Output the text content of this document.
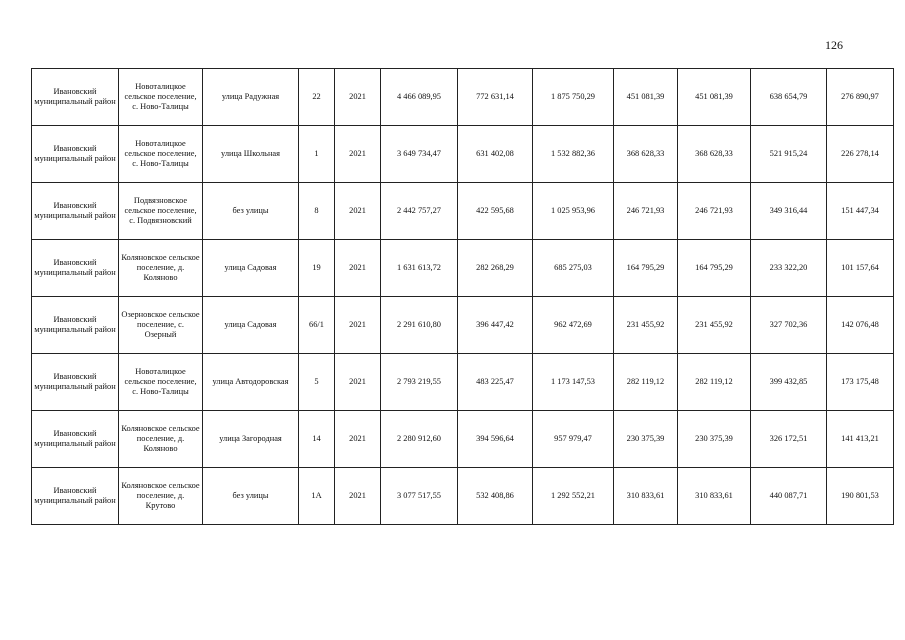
126
Ивановский муниципальный район	Новоталицкое сельское поселение, с. Ново-Талицы	улица Радужная	22	2021	4 466 089,95	772 631,14	1 875 750,29	451 081,39	451 081,39	638 654,79	276 890,97
Ивановский муниципальный район	Новоталицкое сельское поселение, с. Ново-Талицы	улица Школьная	1	2021	3 649 734,47	631 402,08	1 532 882,36	368 628,33	368 628,33	521 915,24	226 278,14
Ивановский муниципальный район	Подвязновское сельское поселение, с. Подвязновский	без улицы	8	2021	2 442 757,27	422 595,68	1 025 953,96	246 721,93	246 721,93	349 316,44	151 447,34
Ивановский муниципальный район	Коляновское сельское поселение, д. Коляново	улица Садовая	19	2021	1 631 613,72	282 268,29	685 275,03	164 795,29	164 795,29	233 322,20	101 157,64
Ивановский муниципальный район	Озерновское сельское поселение, с. Озерный	улица Садовая	66/1	2021	2 291 610,80	396 447,42	962 472,69	231 455,92	231 455,92	327 702,36	142 076,48
Ивановский муниципальный район	Новоталицкое сельское поселение, с. Ново-Талицы	улица Автодоровская	5	2021	2 793 219,55	483 225,47	1 173 147,53	282 119,12	282 119,12	399 432,85	173 175,48
Ивановский муниципальный район	Коляновское сельское поселение, д. Коляново	улица Загородная	14	2021	2 280 912,60	394 596,64	957 979,47	230 375,39	230 375,39	326 172,51	141 413,21
Ивановский муниципальный район	Коляновское сельское поселение, д. Крутово	без улицы	1А	2021	3 077 517,55	532 408,86	1 292 552,21	310 833,61	310 833,61	440 087,71	190 801,53
